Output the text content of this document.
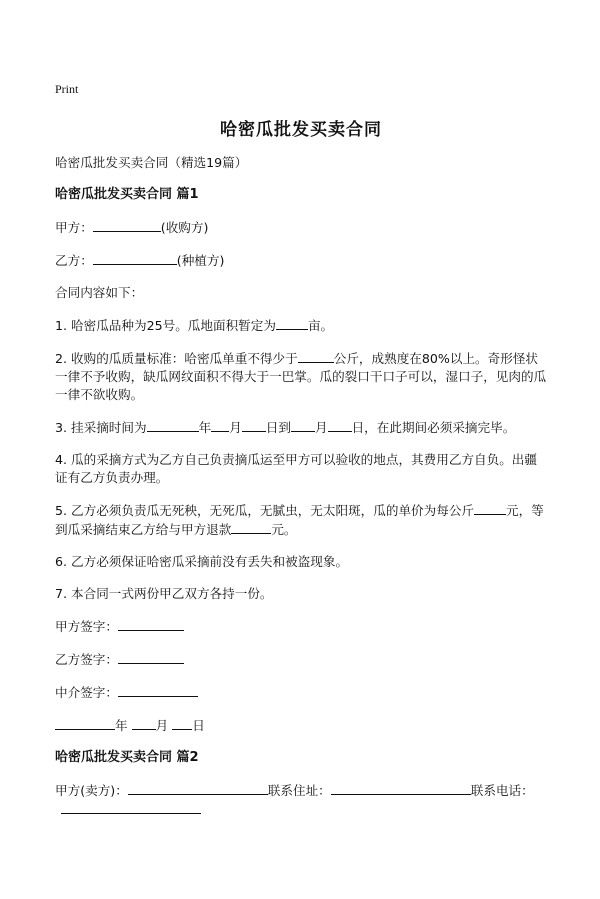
Print
哈密瓜批发买卖合同

哈密瓜批发买卖合同（精选19篇）

哈密瓜批发买卖合同 篇1

甲方：	(收购方)

乙方：	(种植方)

合同内容如下：

1. 哈密瓜品种为25号。瓜地面积暂定为	亩。

2. 收购的瓜质量标准：哈密瓜单重不得少于	公斤，成熟度在80%以上。奇形怪状一律不予收购，缺瓜网纹面积不得大于一巴掌。瓜的裂口干口子可以，湿口子，见肉的瓜一律不欲收购。

3. 挂采摘时间为	年 月 日到 月 日，在此期间必须采摘完毕。

4. 瓜的采摘方式为乙方自己负责摘瓜运至甲方可以验收的地点，其费用乙方自负。出疆证有乙方负责办理。

5. 乙方必须负责瓜无死秧，无死瓜，无腻虫，无太阳斑，瓜的单价为每公斤	元，等到瓜采摘结束乙方给与甲方退款	元。

6. 乙方必须保证哈密瓜采摘前没有丢失和被盗现象。

7. 本合同一式两份甲乙双方各持一份。

甲方签字：

乙方签字：

中介签字：

年 月 日

哈密瓜批发买卖合同 篇2

甲方(卖方)：	联系住址：	联系电话：
